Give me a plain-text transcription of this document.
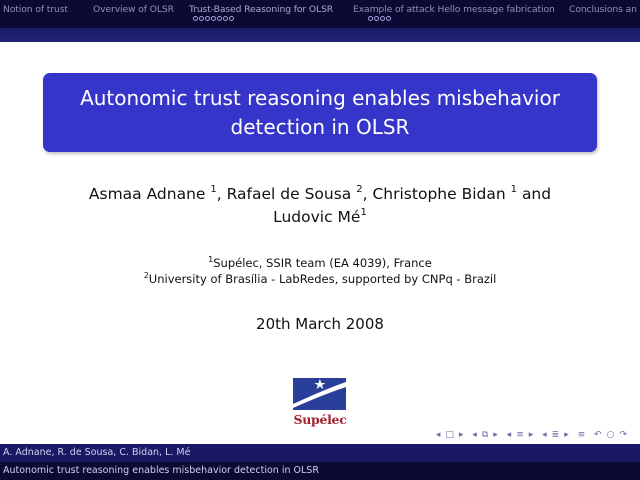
Notion of trust	Overview of OLSR Trust-Based Reasoning for OLSR Example of attack Hello message fabrication Conclusions an
Autonomic trust reasoning enables misbehavior detection in OLSR
Asmaa Adnane $^1$, Rafael de Sousa $^2$, Christophe Bidan $^1$ and
Ludovic $Mé^1$
$^1$Supélec, SSIR team (EA 4039), France
$^2$University of Brasília - LabRedes, supported by CNPq - Brazil
20th March 2008
Supélec
◂ □ ▸ ◂ ⧉ ▸ ◂ ≡ ▸ ◂ ≣ ▸ ≡ ↶ ○ ↷
A. Adnane, R. de Sousa, C. Bidan, L. Mé
Autonomic trust reasoning enables misbehavior detection in OLSR
